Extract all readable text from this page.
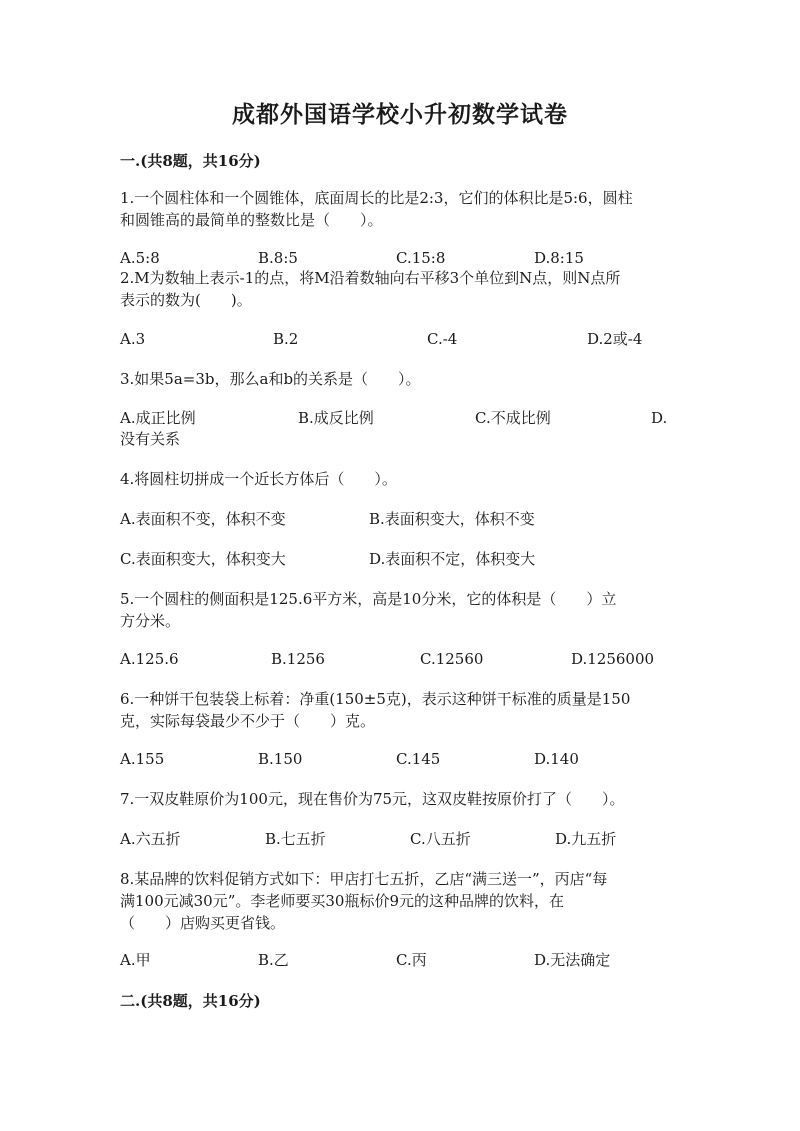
成都外国语学校小升初数学试卷
一.(共8题，共16分)
1.一个圆柱体和一个圆锥体，底面周长的比是2:3，它们的体积比是5:6，圆柱
和圆锥高的最简单的整数比是（　　）。
A.5:8	B.8:5	C.15:8	D.8:15
2.M为数轴上表示-1的点，将M沿着数轴向右平移3个单位到N点，则N点所
表示的数为(　　)。
A.3	B.2	C.-4	D.2或-4
3.如果5a=3b，那么a和b的关系是（　　）。
A.成正比例	B.成反比例	C.不成比例	D.
没有关系
4.将圆柱切拼成一个近长方体后（　　）。
A.表面积不变，体积不变	B.表面积变大，体积不变
C.表面积变大，体积变大	D.表面积不定，体积变大
5.一个圆柱的侧面积是125.6平方米，高是10分米，它的体积是（　　）立
方分米。
A.125.6	B.1256	C.12560	D.1256000
6.一种饼干包装袋上标着：净重(150±5克)，表示这种饼干标准的质量是150
克，实际每袋最少不少于（　　）克。
A.155	B.150	C.145	D.140
7.一双皮鞋原价为100元，现在售价为75元，这双皮鞋按原价打了（　　）。
A.六五折	B.七五折	C.八五折	D.九五折
8.某品牌的饮料促销方式如下：甲店打七五折，乙店“满三送一”，丙店“每
满100元减30元”。李老师要买30瓶标价9元的这种品牌的饮料，在
（　　）店购买更省钱。
A.甲	B.乙	C.丙	D.无法确定
二.(共8题，共16分)
